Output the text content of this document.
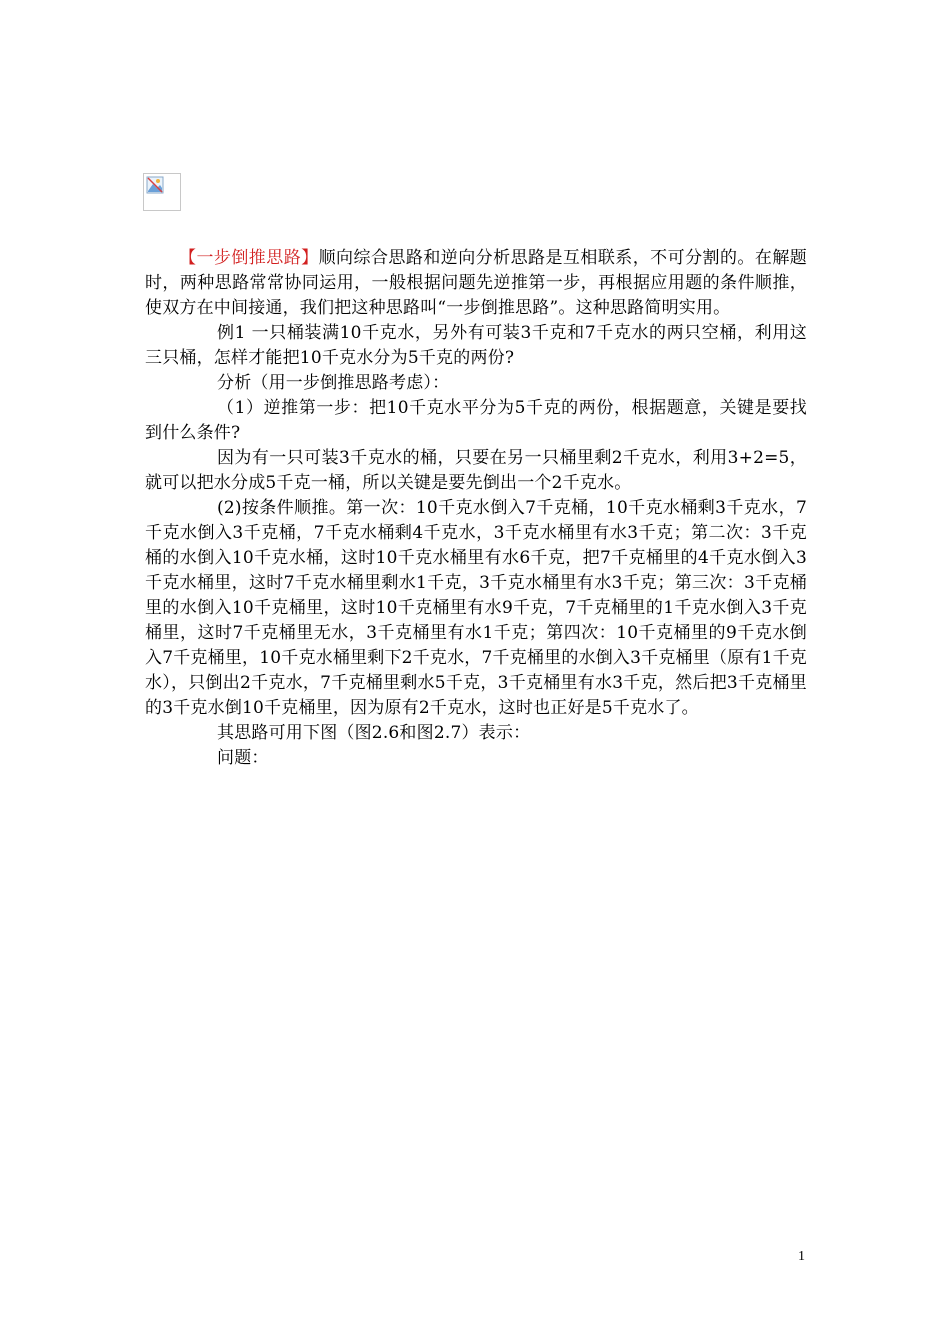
【一步倒推思路】顺向综合思路和逆向分析思路是互相联系，不可分割的。在解题时，两种思路常常协同运用，一般根据问题先逆推第一步，再根据应用题的条件顺推，使双方在中间接通，我们把这种思路叫“一步倒推思路”。这种思路简明实用。

例1 一只桶装满10千克水，另外有可装3千克和7千克水的两只空桶，利用这三只桶，怎样才能把10千克水分为5千克的两份?

分析（用一步倒推思路考虑）：

（1）逆推第一步：把10千克水平分为5千克的两份，根据题意，关键是要找到什么条件?

因为有一只可装3千克水的桶，只要在另一只桶里剩2千克水，利用3+2=5，就可以把水分成5千克一桶，所以关键是要先倒出一个2千克水。

(2)按条件顺推。第一次：10千克水倒入7千克桶，10千克水桶剩3千克水，7千克水倒入3千克桶，7千克水桶剩4千克水，3千克水桶里有水3千克；第二次：3千克桶的水倒入10千克水桶，这时10千克水桶里有水6千克，把7千克桶里的4千克水倒入3千克水桶里，这时7千克水桶里剩水1千克，3千克水桶里有水3千克；第三次：3千克桶里的水倒入10千克桶里，这时10千克桶里有水9千克，7千克桶里的1千克水倒入3千克桶里，这时7千克桶里无水，3千克桶里有水1千克；第四次：10千克桶里的9千克水倒入7千克桶里，10千克水桶里剩下2千克水，7千克桶里的水倒入3千克桶里（原有1千克水），只倒出2千克水，7千克桶里剩水5千克，3千克桶里有水3千克，然后把3千克桶里的3千克水倒10千克桶里，因为原有2千克水，这时也正好是5千克水了。

其思路可用下图（图2.6和图2.7）表示：

问题：

1
